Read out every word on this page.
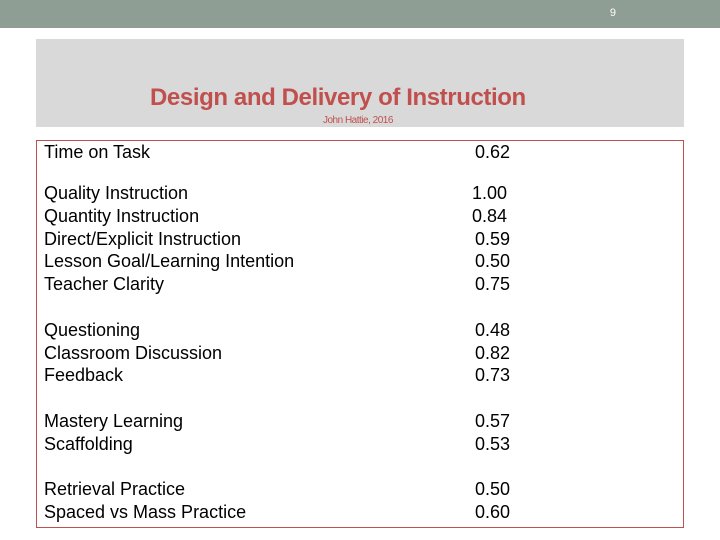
9
Design and Delivery of Instruction
John Hattie, 2016
Time on Task	0.62
Quality Instruction	1.00
Quantity Instruction	0.84
Direct/Explicit Instruction	0.59
Lesson Goal/Learning Intention	0.50
Teacher Clarity	0.75
Questioning	0.48
Classroom Discussion	0.82
Feedback	0.73
Mastery Learning	0.57
Scaffolding	0.53
Retrieval Practice	0.50
Spaced vs Mass Practice	0.60
